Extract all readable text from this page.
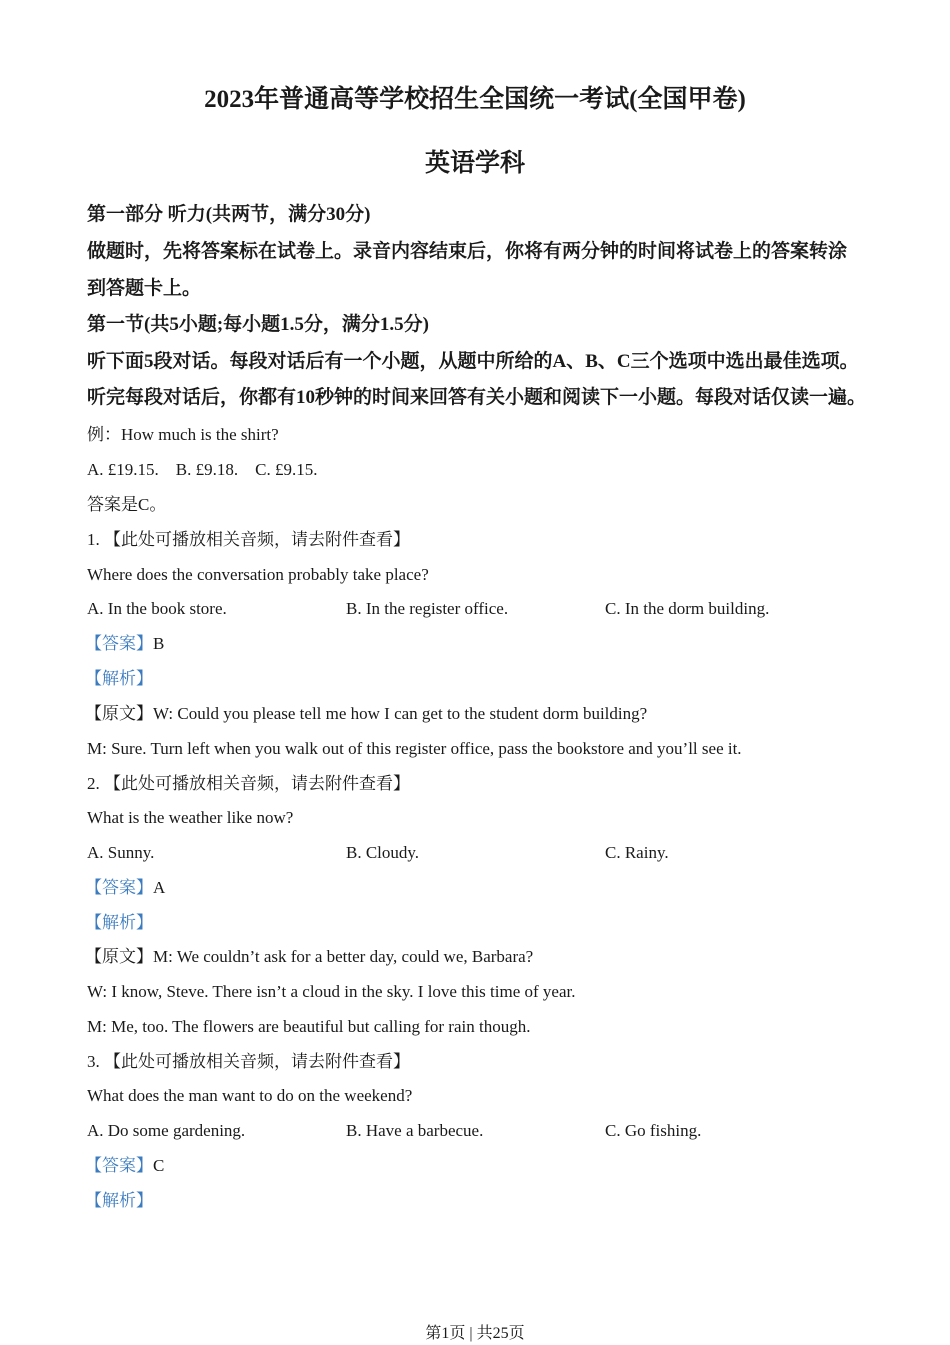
2023年普通高等学校招生全国统一考试(全国甲卷)
英语学科
第一部分 听力(共两节，满分30分)
做题时，先将答案标在试卷上。录音内容结束后，你将有两分钟的时间将试卷上的答案转涂
到答题卡上。
第一节(共5小题;每小题1.5分，满分1.5分)
听下面5段对话。每段对话后有一个小题，从题中所给的A、B、C三个选项中选出最佳选项。
听完每段对话后，你都有10秒钟的时间来回答有关小题和阅读下一小题。每段对话仅读一遍。
例：How much is the shirt?
A. £19.15.    B. £9.18.    C. £9.15.
答案是C。
1. 【此处可播放相关音频，请去附件查看】
Where does the conversation probably take place?
A. In the book store.	B. In the register office.	C. In the dorm building.
【答案】B
【解析】
【原文】W: Could you please tell me how I can get to the student dorm building?
M: Sure. Turn left when you walk out of this register office, pass the bookstore and you’ll see it.
2. 【此处可播放相关音频，请去附件查看】
What is the weather like now?
A. Sunny.	B. Cloudy.	C. Rainy.
【答案】A
【解析】
【原文】M: We couldn’t ask for a better day, could we, Barbara?
W: I know, Steve. There isn’t a cloud in the sky. I love this time of year.
M: Me, too. The flowers are beautiful but calling for rain though.
3. 【此处可播放相关音频，请去附件查看】
What does the man want to do on the weekend?
A. Do some gardening.	B. Have a barbecue.	C. Go fishing.
【答案】C
【解析】
第1页 | 共25页
